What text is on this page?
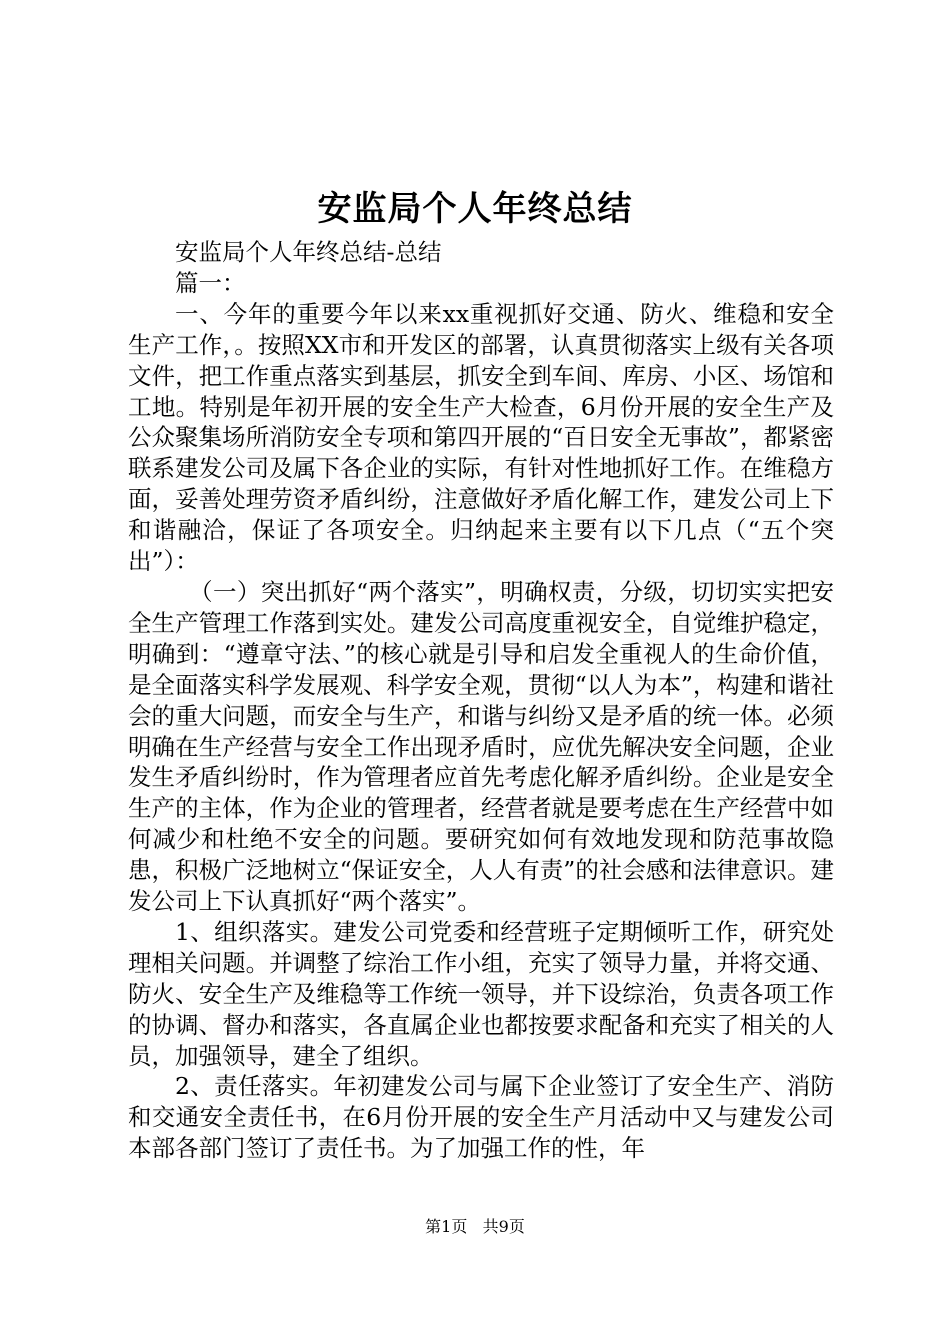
安监局个人年终总结

安监局个人年终总结-总结

篇一：

一、今年的重要今年以来xx重视抓好交通、防火、维稳和安全生产工作，。按照XX市和开发区的部署，认真贯彻落实上级有关各项文件，把工作重点落实到基层，抓安全到车间、库房、小区、场馆和工地。特别是年初开展的安全生产大检查，6月份开展的安全生产及公众聚集场所消防安全专项和第四开展的“百日安全无事故”，都紧密联系建发公司及属下各企业的实际，有针对性地抓好工作。在维稳方面，妥善处理劳资矛盾纠纷，注意做好矛盾化解工作，建发公司上下和谐融洽，保证了各项安全。归纳起来主要有以下几点（“五个突出”）：

（一）突出抓好“两个落实”，明确权责，分级，切切实实把安全生产管理工作落到实处。建发公司高度重视安全，自觉维护稳定，明确到：“遵章守法、”的核心就是引导和启发全重视人的生命价值，是全面落实科学发展观、科学安全观，贯彻“以人为本”，构建和谐社会的重大问题，而安全与生产，和谐与纠纷又是矛盾的统一体。必须明确在生产经营与安全工作出现矛盾时，应优先解决安全问题，企业发生矛盾纠纷时，作为管理者应首先考虑化解矛盾纠纷。企业是安全生产的主体，作为企业的管理者，经营者就是要考虑在生产经营中如何减少和杜绝不安全的问题。要研究如何有效地发现和防范事故隐患，积极广泛地树立“保证安全，人人有责”的社会感和法律意识。建发公司上下认真抓好“两个落实”。

1、组织落实。建发公司党委和经营班子定期倾听工作，研究处理相关问题。并调整了综治工作小组，充实了领导力量，并将交通、防火、安全生产及维稳等工作统一领导，并下设综治，负责各项工作的协调、督办和落实，各直属企业也都按要求配备和充实了相关的人员，加强领导，建全了组织。

2、责任落实。年初建发公司与属下企业签订了安全生产、消防和交通安全责任书，在6月份开展的安全生产月活动中又与建发公司本部各部门签订了责任书。为了加强工作的性，年

第1页 共9页
